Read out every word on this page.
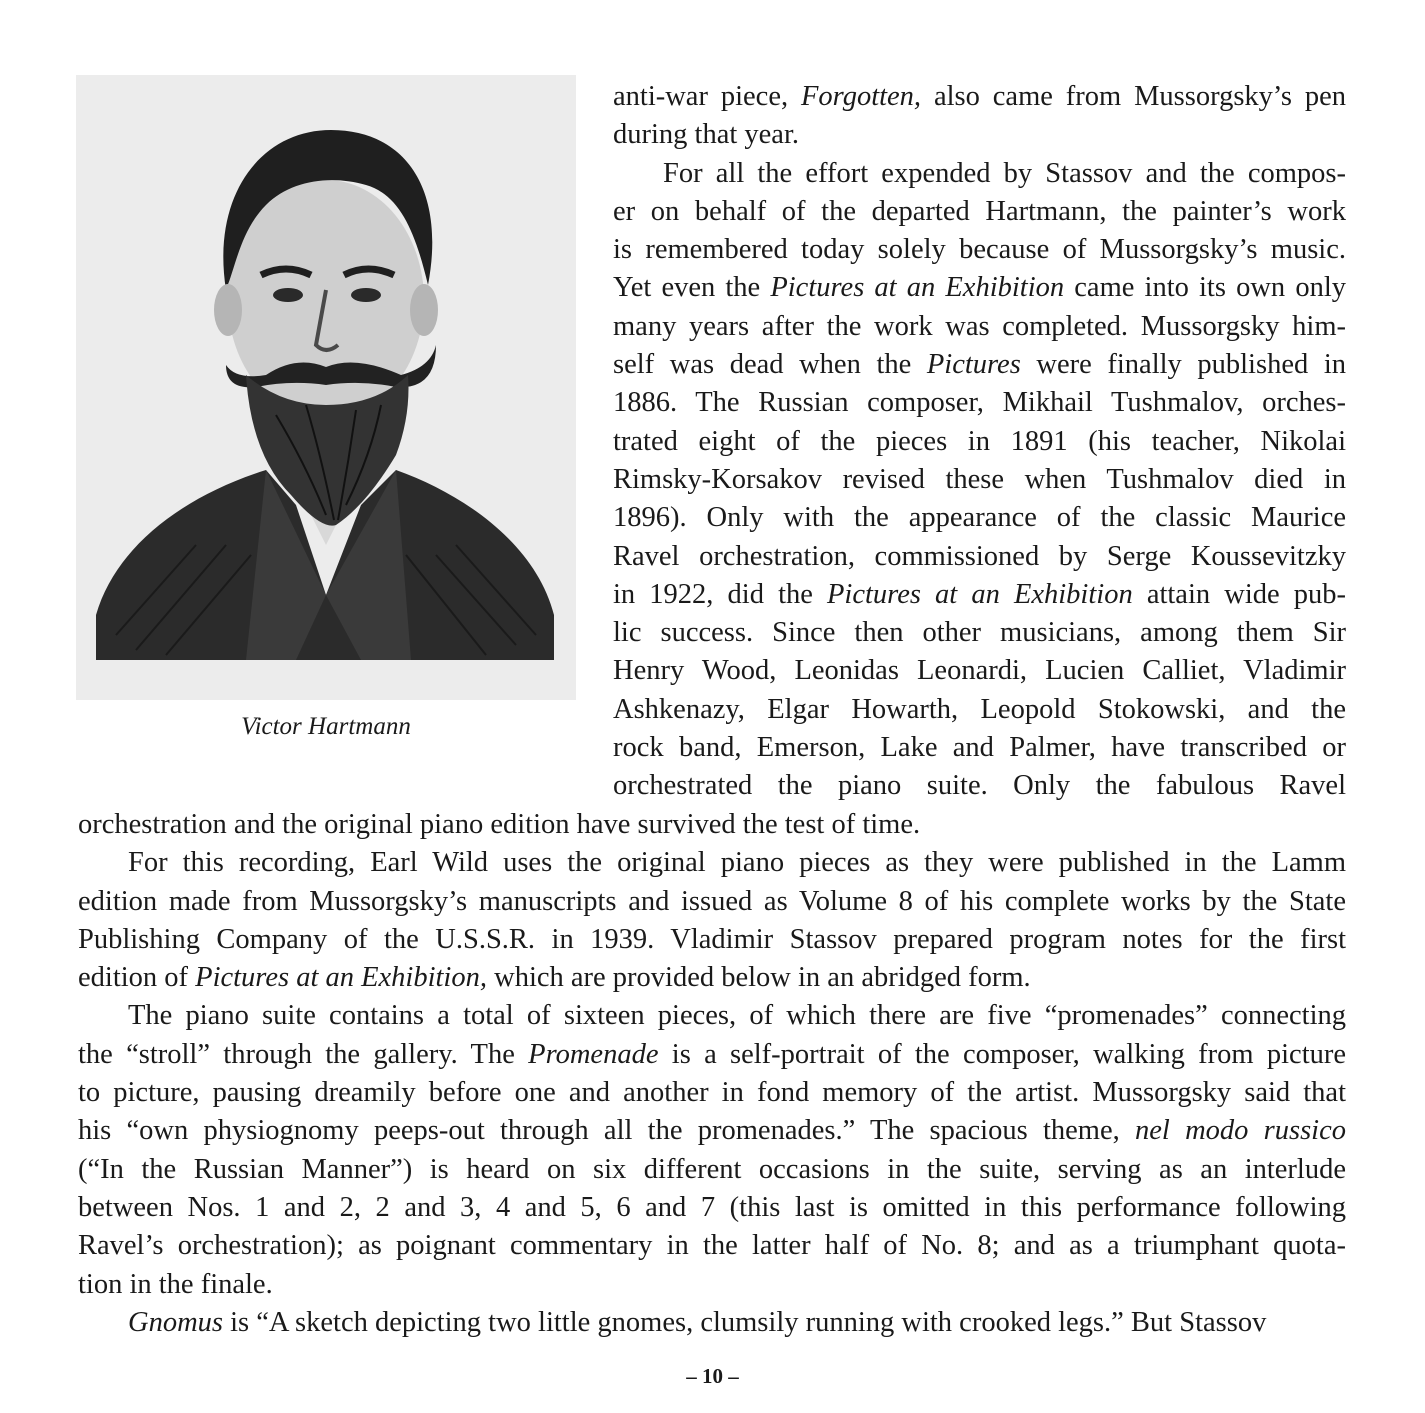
Victor Hartmann
anti-war piece, Forgotten, also came from Mussorgsky’s pen
during that year.
For all the effort expended by Stassov and the compos-
er on behalf of the departed Hartmann, the painter’s work
is remembered today solely because of Mussorgsky’s music.
Yet even the Pictures at an Exhibition came into its own only
many years after the work was completed. Mussorgsky him-
self was dead when the Pictures were finally published in
1886. The Russian composer, Mikhail Tushmalov, orches-
trated eight of the pieces in 1891 (his teacher, Nikolai
Rimsky-Korsakov revised these when Tushmalov died in
1896). Only with the appearance of the classic Maurice
Ravel orchestration, commissioned by Serge Koussevitzky
in 1922, did the Pictures at an Exhibition attain wide pub-
lic success. Since then other musicians, among them Sir
Henry Wood, Leonidas Leonardi, Lucien Calliet, Vladimir
Ashkenazy, Elgar Howarth, Leopold Stokowski, and the
rock band, Emerson, Lake and Palmer, have transcribed or
orchestrated the piano suite. Only the fabulous Ravel
orchestration and the original piano edition have survived the test of time.
For this recording, Earl Wild uses the original piano pieces as they were published in the Lamm
edition made from Mussorgsky’s manuscripts and issued as Volume 8 of his complete works by the State
Publishing Company of the U.S.S.R. in 1939. Vladimir Stassov prepared program notes for the first
edition of Pictures at an Exhibition, which are provided below in an abridged form.
The piano suite contains a total of sixteen pieces, of which there are five “promenades” connecting
the “stroll” through the gallery. The Promenade is a self-portrait of the composer, walking from picture
to picture, pausing dreamily before one and another in fond memory of the artist. Mussorgsky said that
his “own physiognomy peeps-out through all the promenades.” The spacious theme, nel modo russico
(“In the Russian Manner”) is heard on six different occasions in the suite, serving as an interlude
between Nos. 1 and 2, 2 and 3, 4 and 5, 6 and 7 (this last is omitted in this performance following
Ravel’s orchestration); as poignant commentary in the latter half of No. 8; and as a triumphant quota-
tion in the finale.
Gnomus is “A sketch depicting two little gnomes, clumsily running with crooked legs.” But Stassov
– 10 –
